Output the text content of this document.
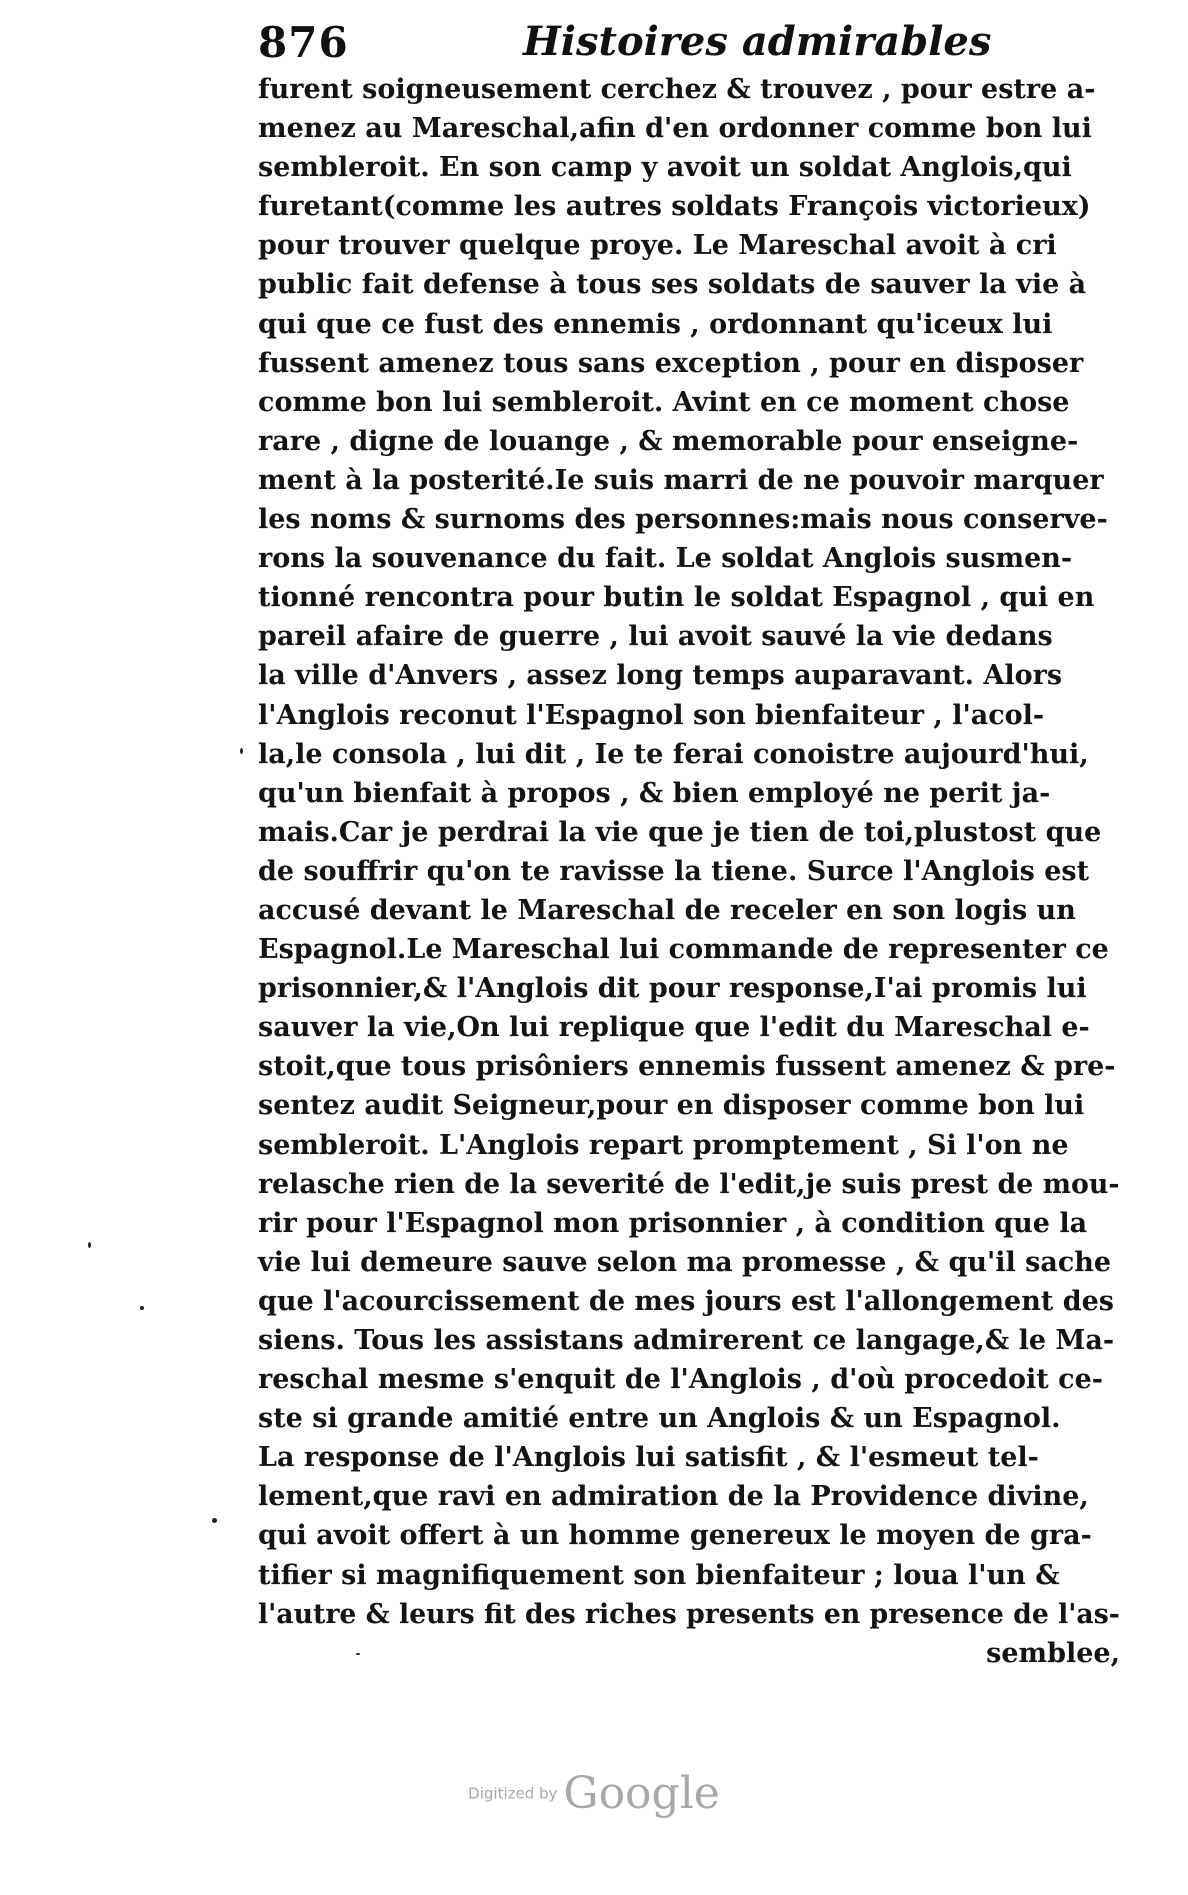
876	Histoires admirables
furent soigneusement cerchez & trouvez , pour estre a-
menez au Mareschal,afin d'en ordonner comme bon lui
sembleroit. En son camp y avoit un soldat Anglois,qui
furetant(comme les autres soldats François victorieux)
pour trouver quelque proye. Le Mareschal avoit à cri
public fait defense à tous ses soldats de sauver la vie à
qui que ce fust des ennemis , ordonnant qu'iceux lui
fussent amenez tous sans exception , pour en disposer
comme bon lui sembleroit. Avint en ce moment chose
rare , digne de louange , & memorable pour enseigne-
ment à la posterité.Ie suis marri de ne pouvoir marquer
les noms & surnoms des personnes:mais nous conserve-
rons la souvenance du fait. Le soldat Anglois susmen-
tionné rencontra pour butin le soldat Espagnol , qui en
pareil afaire de guerre , lui avoit sauvé la vie dedans
la ville d'Anvers , assez long temps auparavant. Alors
l'Anglois reconut l'Espagnol son bienfaiteur , l'acol-
la,le consola , lui dit , Ie te ferai conoistre aujourd'hui,
qu'un bienfait à propos , & bien employé ne perit ja-
mais.Car je perdrai la vie que je tien de toi,plustost que
de souffrir qu'on te ravisse la tiene. Surce l'Anglois est
accusé devant le Mareschal de receler en son logis un
Espagnol.Le Mareschal lui commande de representer ce
prisonnier,& l'Anglois dit pour response,I'ai promis lui
sauver la vie,On lui replique que l'edit du Mareschal e-
stoit,que tous prisôniers ennemis fussent amenez & pre-
sentez audit Seigneur,pour en disposer comme bon lui
sembleroit. L'Anglois repart promptement , Si l'on ne
relasche rien de la severité de l'edit,je suis prest de mou-
rir pour l'Espagnol mon prisonnier , à condition que la
vie lui demeure sauve selon ma promesse , & qu'il sache
que l'acourcissement de mes jours est l'allongement des
siens. Tous les assistans admirerent ce langage,& le Ma-
reschal mesme s'enquit de l'Anglois , d'où procedoit ce-
ste si grande amitié entre un Anglois & un Espagnol.
La response de l'Anglois lui satisfit , & l'esmeut tel-
lement,que ravi en admiration de la Providence divine,
qui avoit offert à un homme genereux le moyen de gra-
tifier si magnifiquement son bienfaiteur ; loua l'un &
l'autre & leurs fit des riches presents en presence de l'as-
semblee,
Digitized by Google
